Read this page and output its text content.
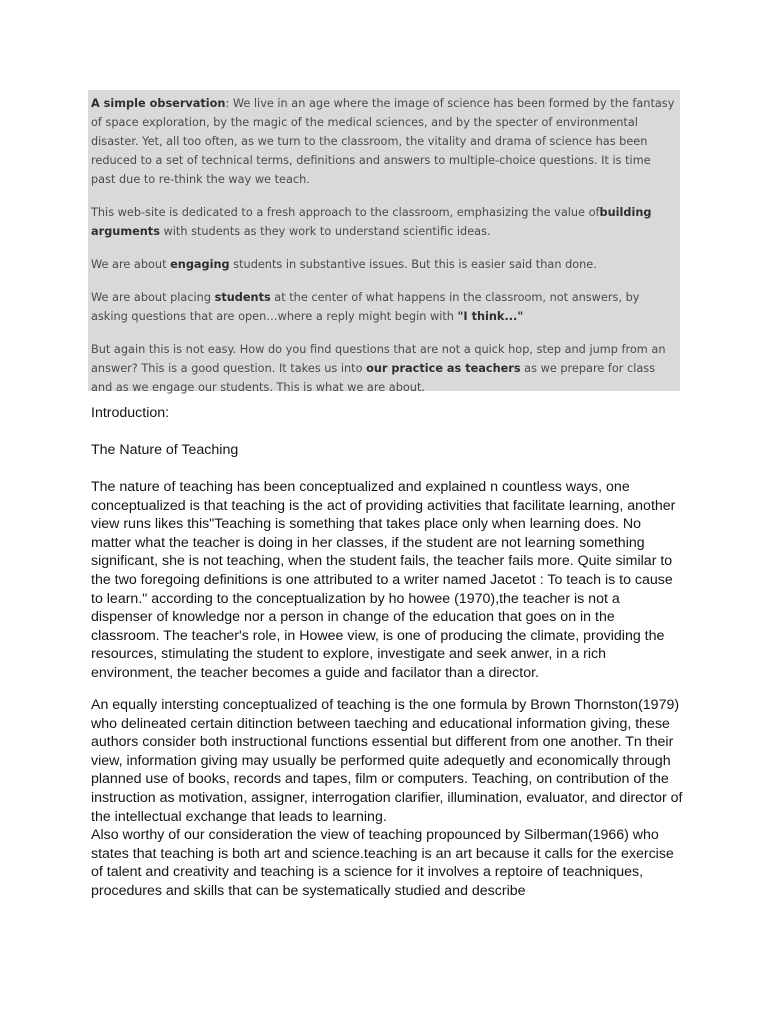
A simple observation: We live in an age where the image of science has been formed by the fantasy of space exploration, by the magic of the medical sciences, and by the specter of environmental disaster. Yet, all too often, as we turn to the classroom, the vitality and drama of science has been reduced to a set of technical terms, definitions and answers to multiple-choice questions. It is time past due to re-think the way we teach.

This web-site is dedicated to a fresh approach to the classroom, emphasizing the value ofbuilding arguments with students as they work to understand scientific ideas.

We are about engaging students in substantive issues. But this is easier said than done.

We are about placing students at the center of what happens in the classroom, not answers, by asking questions that are open…where a reply might begin with "I think..."

But again this is not easy. How do you find questions that are not a quick hop, step and jump from an answer? This is a good question. It takes us into our practice as teachers as we prepare for class and as we engage our students. This is what we are about.

Introduction:
The Nature of Teaching
The nature of teaching has been conceptualized and explained n countless ways, one conceptualized is that teaching is the act of providing activities that facilitate learning, another view runs likes this"Teaching is something that takes place only when learning does. No matter what the teacher is doing in her classes, if the student are not learning something significant, she is not teaching, when the student fails, the teacher fails more. Quite similar to the two foregoing definitions is one attributed to a writer named Jacetot : To teach is to cause to learn." according to the conceptualization by ho howee (1970),the teacher is not a dispenser of knowledge nor a person in change of the education that goes on in the classroom. The teacher's role, in Howee view, is one of producing the climate, providing the resources, stimulating the student to explore, investigate and seek anwer, in a rich environment, the teacher becomes a guide and facilator than a director.

An equally intersting conceptualized of teaching is the one formula by Brown Thornston(1979) who delineated certain ditinction between taeching and educational information giving, these authors consider both instructional functions essential but different from one another. Tn their view, information giving may usually be performed quite adequetly and economically through planned use of books, records and tapes, film or computers. Teaching, on contribution of the instruction as motivation, assigner, interrogation clarifier, illumination, evaluator, and director of the intellectual exchange that leads to learning.

Also worthy of our consideration the view of teaching propounced by Silberman(1966) who states that teaching is both art and science.teaching is an art because it calls for the exercise of talent and creativity and teaching is a science for it involves a reptoire of teachniques, procedures and skills that can be systematically studied and describe
